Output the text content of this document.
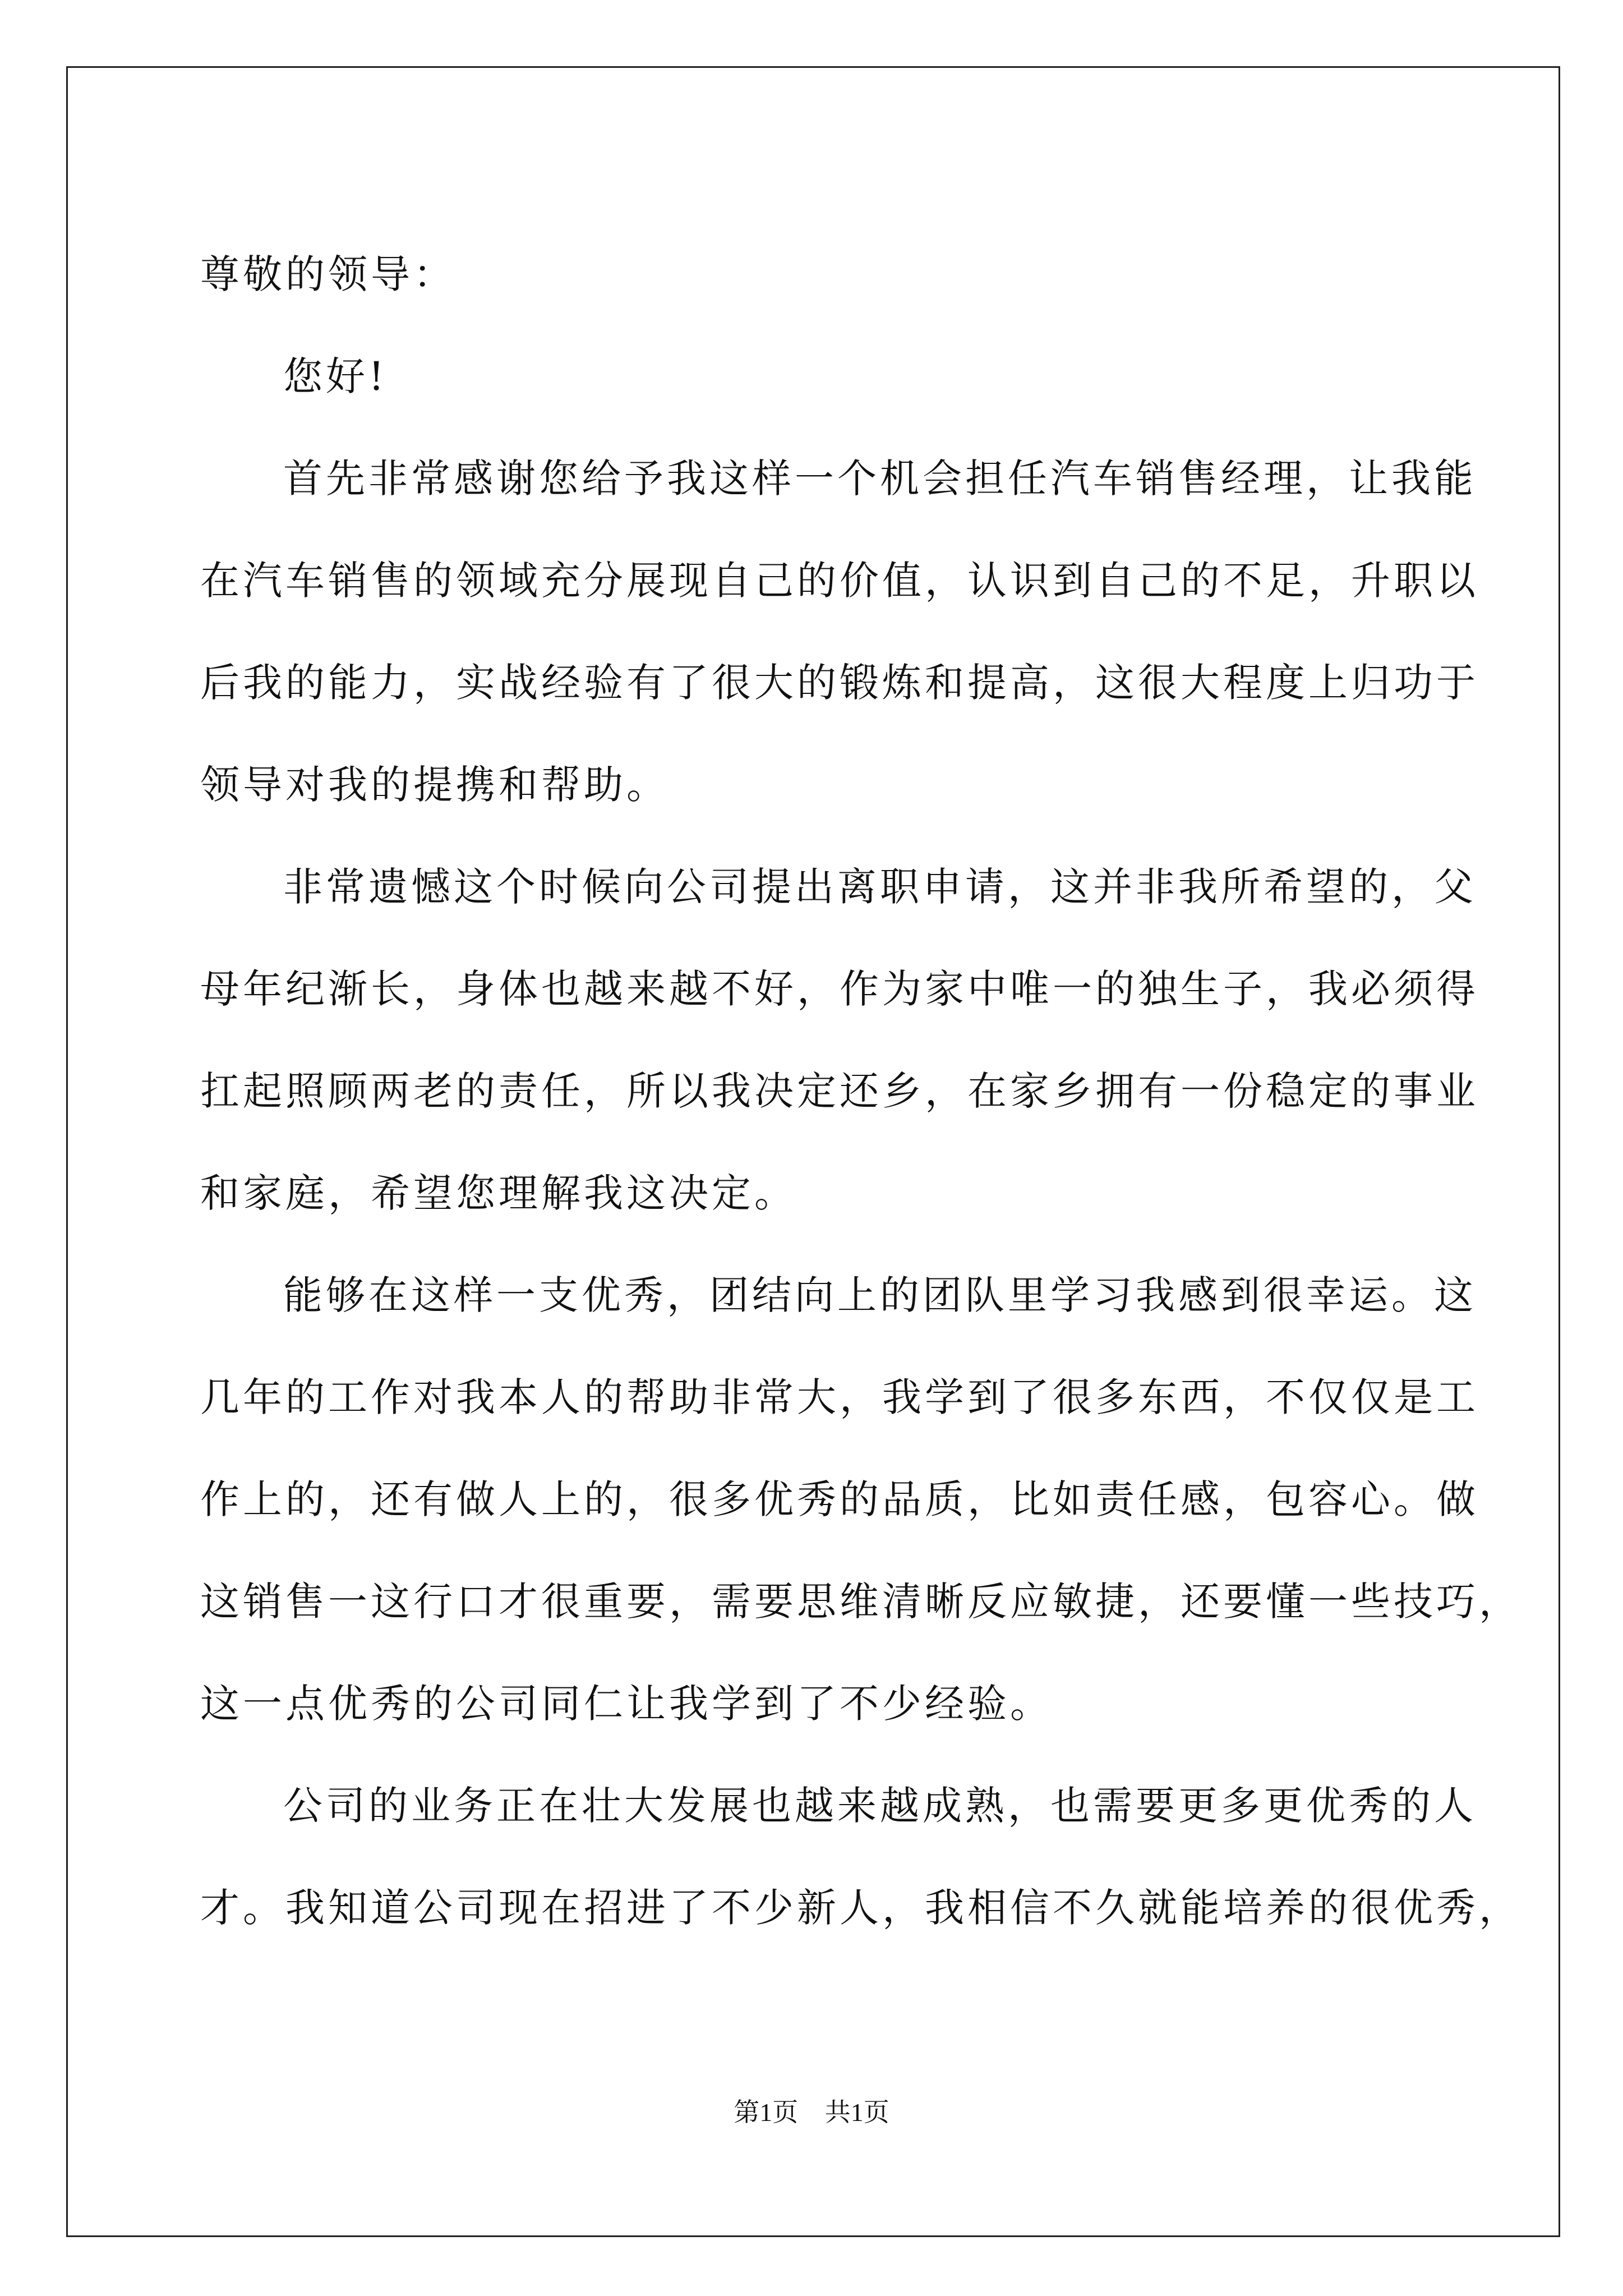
尊敬的领导：
您好!
首先非常感谢您给予我这样一个机会担任汽车销售经理，让我能
在汽车销售的领域充分展现自己的价值，认识到自己的不足，升职以
后我的能力，实战经验有了很大的锻炼和提高，这很大程度上归功于
领导对我的提携和帮助。
非常遗憾这个时候向公司提出离职申请，这并非我所希望的，父
母年纪渐长，身体也越来越不好，作为家中唯一的独生子，我必须得
扛起照顾两老的责任，所以我决定还乡，在家乡拥有一份稳定的事业
和家庭，希望您理解我这决定。
能够在这样一支优秀，团结向上的团队里学习我感到很幸运。这
几年的工作对我本人的帮助非常大，我学到了很多东西，不仅仅是工
作上的，还有做人上的，很多优秀的品质，比如责任感，包容心。做
这销售一这行口才很重要，需要思维清晰反应敏捷，还要懂一些技巧，
这一点优秀的公司同仁让我学到了不少经验。
公司的业务正在壮大发展也越来越成熟，也需要更多更优秀的人
才。我知道公司现在招进了不少新人，我相信不久就能培养的很优秀，
第1页 共1页
